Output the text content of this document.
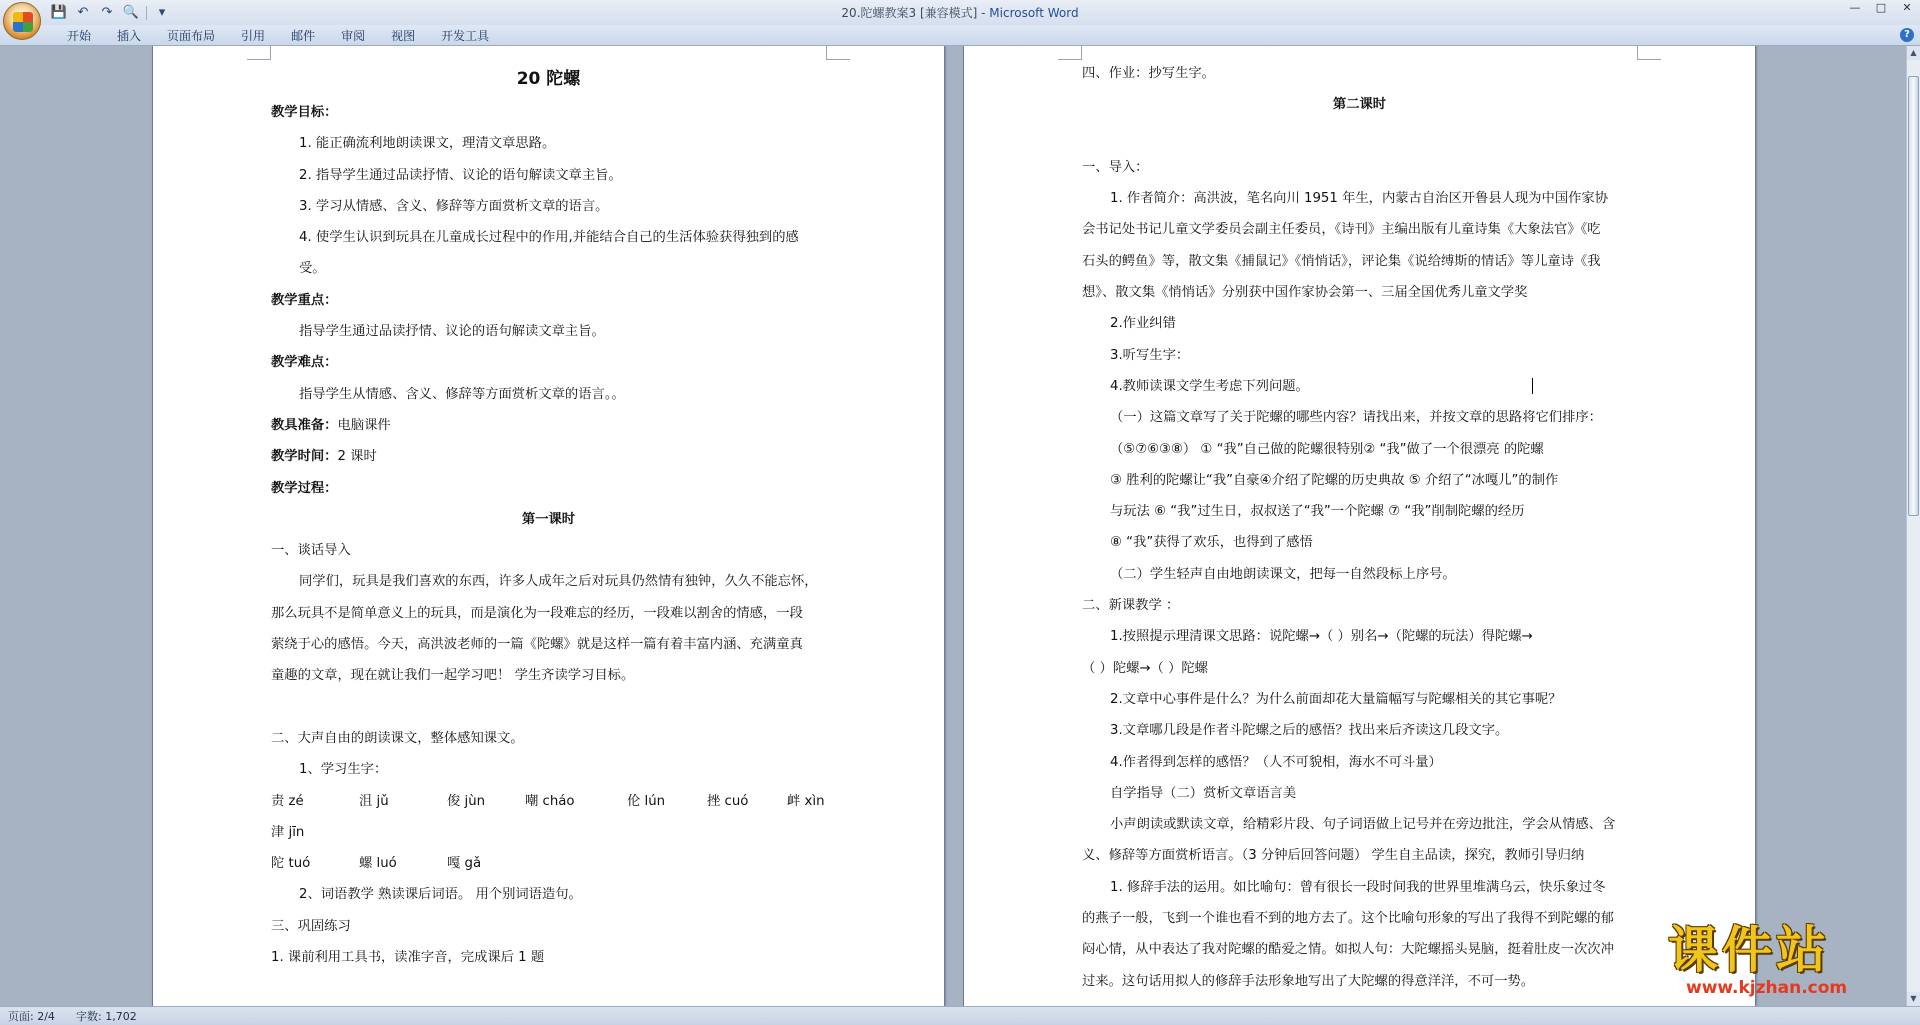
💾 ↶ ↷ 🔍	▾	20.陀螺教案3 [兼容模式] - Microsoft Word	—	□	✕
开始	插入	页面布局	引用	邮件	审阅	视图	开发工具	?
20 陀螺
教学目标：
1. 能正确流利地朗读课文，理清文章思路。
2. 指导学生通过品读抒情、议论的语句解读文章主旨。
3. 学习从情感、含义、修辞等方面赏析文章的语言。
4. 使学生认识到玩具在儿童成长过程中的作用,并能结合自己的生活体验获得独到的感
受。
教学重点：
指导学生通过品读抒情、议论的语句解读文章主旨。
教学难点：
指导学生从情感、含义、修辞等方面赏析文章的语言。。
教具准备：电脑课件
教学时间：2 课时
教学过程：
第一课时
一、谈话导入
同学们，玩具是我们喜欢的东西，许多人成年之后对玩具仍然情有独钟，久久不能忘怀，
那么玩具不是简单意义上的玩具，而是演化为一段难忘的经历，一段难以割舍的情感，一段
萦绕于心的感悟。今天，高洪波老师的一篇《陀螺》就是这样一篇有着丰富内涵、充满童真
童趣的文章，现在就让我们一起学习吧！ 学生齐读学习目标。
二、大声自由的朗读课文，整体感知课文。
1、学习生字：
责 zé	沮 jǔ	俊 jùn	嘲 cháo	伦 lún	挫 cuó	衅 xìn
津 jīn
陀 tuó	螺 luó	嘎 gǎ
2、词语教学 熟读课后词语。 用个别词语造句。
三、巩固练习
1. 课前利用工具书，读准字音，完成课后 1 题
四、作业：抄写生字。
第二课时
一、导入：
1. 作者简介：高洪波，笔名向川 1951 年生，内蒙古自治区开鲁县人现为中国作家协
会书记处书记儿童文学委员会副主任委员，《诗刊》主编出版有儿童诗集《大象法官》《吃
石头的鳄鱼》等，散文集《捕鼠记》《悄悄话》，评论集《说给缚斯的情话》等儿童诗《我
想》、散文集《悄悄话》分别获中国作家协会第一、三届全国优秀儿童文学奖
2.作业纠错
3.听写生字：
4.教师读课文学生考虑下列问题。
（一）这篇文章写了关于陀螺的哪些内容？请找出来，并按文章的思路将它们排序：
（⑤⑦⑥③⑧） ① “我”自己做的陀螺很特别② “我”做了一个很漂亮 的陀螺
③ 胜利的陀螺让“我”自豪④介绍了陀螺的历史典故 ⑤ 介绍了“冰嘎儿”的制作
与玩法 ⑥ “我”过生日，叔叔送了“我”一个陀螺 ⑦ “我”削制陀螺的经历
⑧ “我”获得了欢乐，也得到了感悟
（二）学生轻声自由地朗读课文，把每一自然段标上序号。
二、新课教学 ：
1.按照提示理清课文思路：说陀螺→（ ）别名→（陀螺的玩法）得陀螺→
（ ）陀螺→（ ）陀螺
2.文章中心事件是什么？为什么前面却花大量篇幅写与陀螺相关的其它事呢？
3.文章哪几段是作者斗陀螺之后的感悟？找出来后齐读这几段文字。
4.作者得到怎样的感悟？（人不可貌相，海水不可斗量）
自学指导（二）赏析文章语言美
小声朗读或默读文章，给精彩片段、句子词语做上记号并在旁边批注，学会从情感、含
义、修辞等方面赏析语言。（3 分钟后回答问题） 学生自主品读，探究，教师引导归纳
1. 修辞手法的运用。如比喻句：曾有很长一段时间我的世界里堆满乌云，快乐象过冬
的燕子一般，飞到一个谁也看不到的地方去了。这个比喻句形象的写出了我得不到陀螺的郁
闷心情，从中表达了我对陀螺的酷爱之情。如拟人句：大陀螺摇头晃脑，挺着肚皮一次次冲
过来。这句话用拟人的修辞手法形象地写出了大陀螺的得意洋洋，不可一势。
▲
▼
课件站
www.kjzhan.com
页面: 2/4 字数: 1,702
